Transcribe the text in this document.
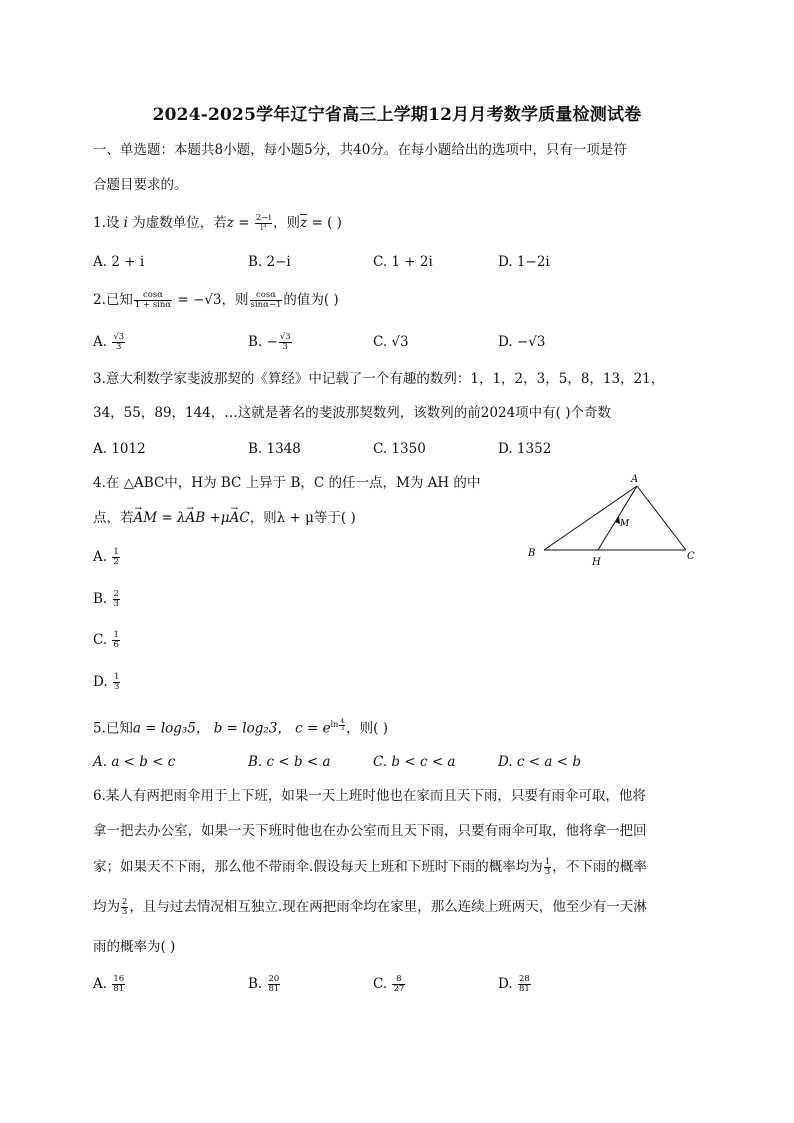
2024-2025学年辽宁省高三上学期12月月考数学质量检测试卷
一、单选题：本题共8小题，每小题5分，共40分。在每小题给出的选项中，只有一项是符
合题目要求的。
1.设 i 为虚数单位，若$z = \frac{2-i}{\text{i³}}$ ，则$\overline{z}$ = ( )
A. 2 + i	B. 2−i	C. 1 + 2i	D. 1−2i
2.已知 $\frac{\cos\alpha}{1 + \sin\alpha} = -√3$，则 $\frac{\cos\alpha}{\sin\alpha-1}$ 的值为( )
A. $\frac{√3}{3}$	B. − $\frac{√3}{3}$	C. √3	D. −√3
3.意大利数学家斐波那契的《算经》中记载了一个有趣的数列：1，1，2，3，5，8，13，21，
34，55，89，144，…这就是著名的斐波那契数列，该数列的前2024项中有( )个奇数
A. 1012	B. 1348	C. 1350	D. 1352
4.在 △ABC中，H为 BC 上异于 B，C 的任一点，M为 AH 的中
点，若→ AM = λ→ AB +μ→ AC，则λ + μ等于( )
A. $\frac{1}{2}$
B. $\frac{2}{3}$
C. $\frac{1}{6}$
D. $\frac{1}{3}$
A
B	C
H
M
5.已知a = log₃5， b = log₂3， $c = e^{ln \frac{4}{3}}$ ，则( )
A. a < b < c	B. c < b < a	C. b < c < a	D. c < a < b
6.某人有两把雨伞用于上下班，如果一天上班时他也在家而且天下雨，只要有雨伞可取，他将
拿一把去办公室，如果一天下班时他也在办公室而且天下雨，只要有雨伞可取，他将拿一把回
家；如果天不下雨，那么他不带雨伞.假设每天上班和下班时下雨的概率均为 $\frac{1}{3}$ ，不下雨的概率
均为 $\frac{2}{3}$ ，且与过去情况相互独立.现在两把雨伞均在家里，那么连续上班两天，他至少有一天淋
雨的概率为( )
A. $\frac{16}{81}$	B. $\frac{20}{81}$	C. $\frac{8}{27}$	D. $\frac{28}{81}$
